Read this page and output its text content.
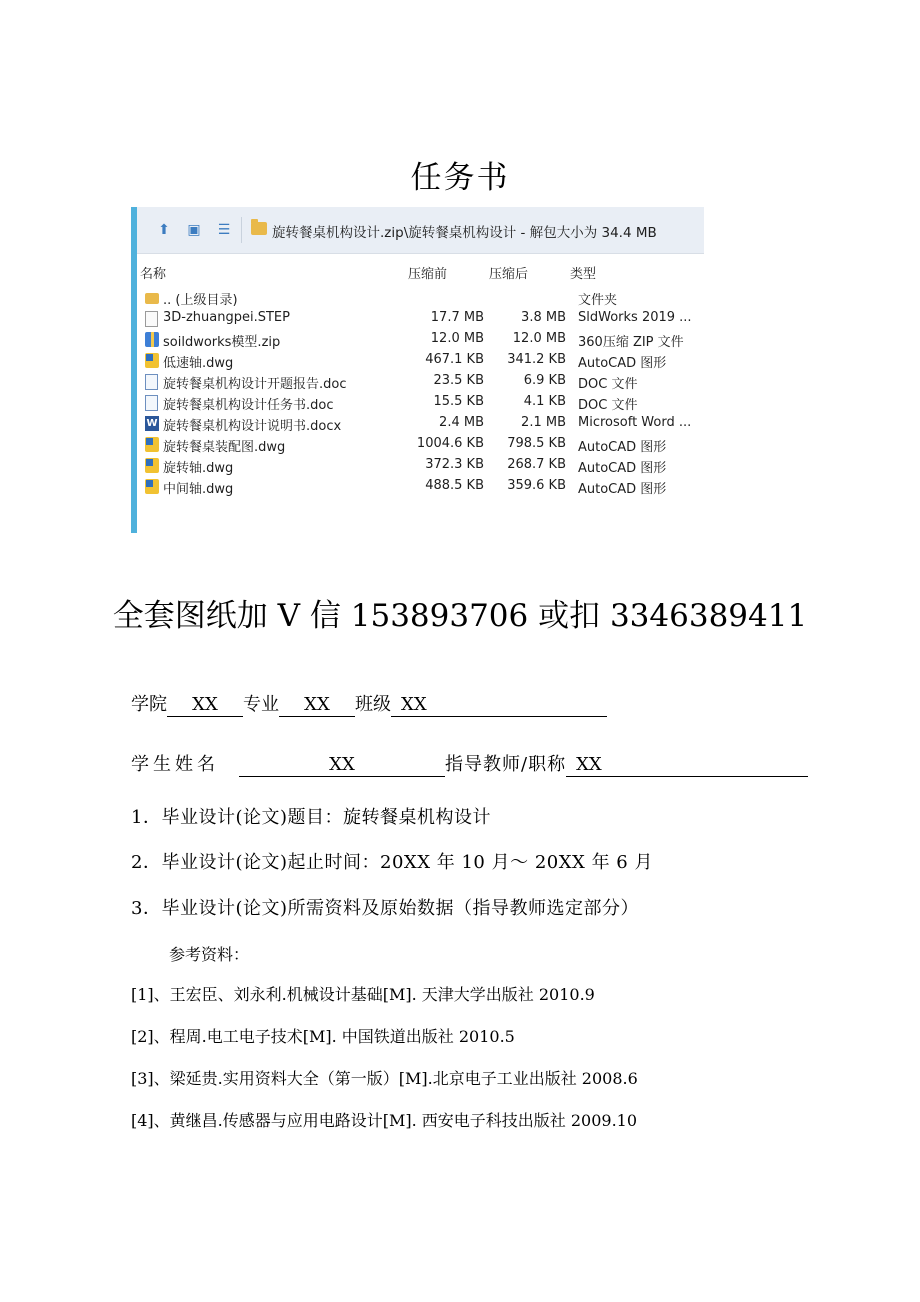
任务书
⬆ ▣ ☰	旋转餐桌机构设计.zip\旋转餐桌机构设计 - 解包大小为 34.4 MB
名称	压缩前	压缩后	类型
.. (上级目录)	文件夹
3D-zhuangpei.STEP	17.7 MB	3.8 MB SldWorks 2019 ...
soildworks模型.zip	12.0 MB 12.0 MB 360压缩 ZIP 文件
低速轴.dwg	467.1 KB 341.2 KB AutoCAD 图形
旋转餐桌机构设计开题报告.doc	23.5 KB	6.9 KB DOC 文件
旋转餐桌机构设计任务书.doc	15.5 KB	4.1 KB DOC 文件
W 旋转餐桌机构设计说明书.docx	2.4 MB	2.1 MB Microsoft Word ...
旋转餐桌装配图.dwg	1004.6 KB 798.5 KB AutoCAD 图形
旋转轴.dwg	372.3 KB 268.7 KB AutoCAD 图形
中间轴.dwg	488.5 KB 359.6 KB AutoCAD 图形
全套图纸加 V 信 153893706 或扣 3346389411
学院 XX 专业 XX 班级 XX
学生姓名	XX	指导教师/职称 XX
1．毕业设计(论文)题目：旋转餐桌机构设计
2．毕业设计(论文)起止时间：20XX 年 10 月～ 20XX 年 6 月
3．毕业设计(论文)所需资料及原始数据（指导教师选定部分）
参考资料：
[1]、王宏臣、刘永利.机械设计基础[M]. 天津大学出版社 2010.9
[2]、程周.电工电子技术[M]. 中国铁道出版社 2010.5
[3]、梁延贵.实用资料大全（第一版）[M].北京电子工业出版社 2008.6
[4]、黄继昌.传感器与应用电路设计[M]. 西安电子科技出版社 2009.10
